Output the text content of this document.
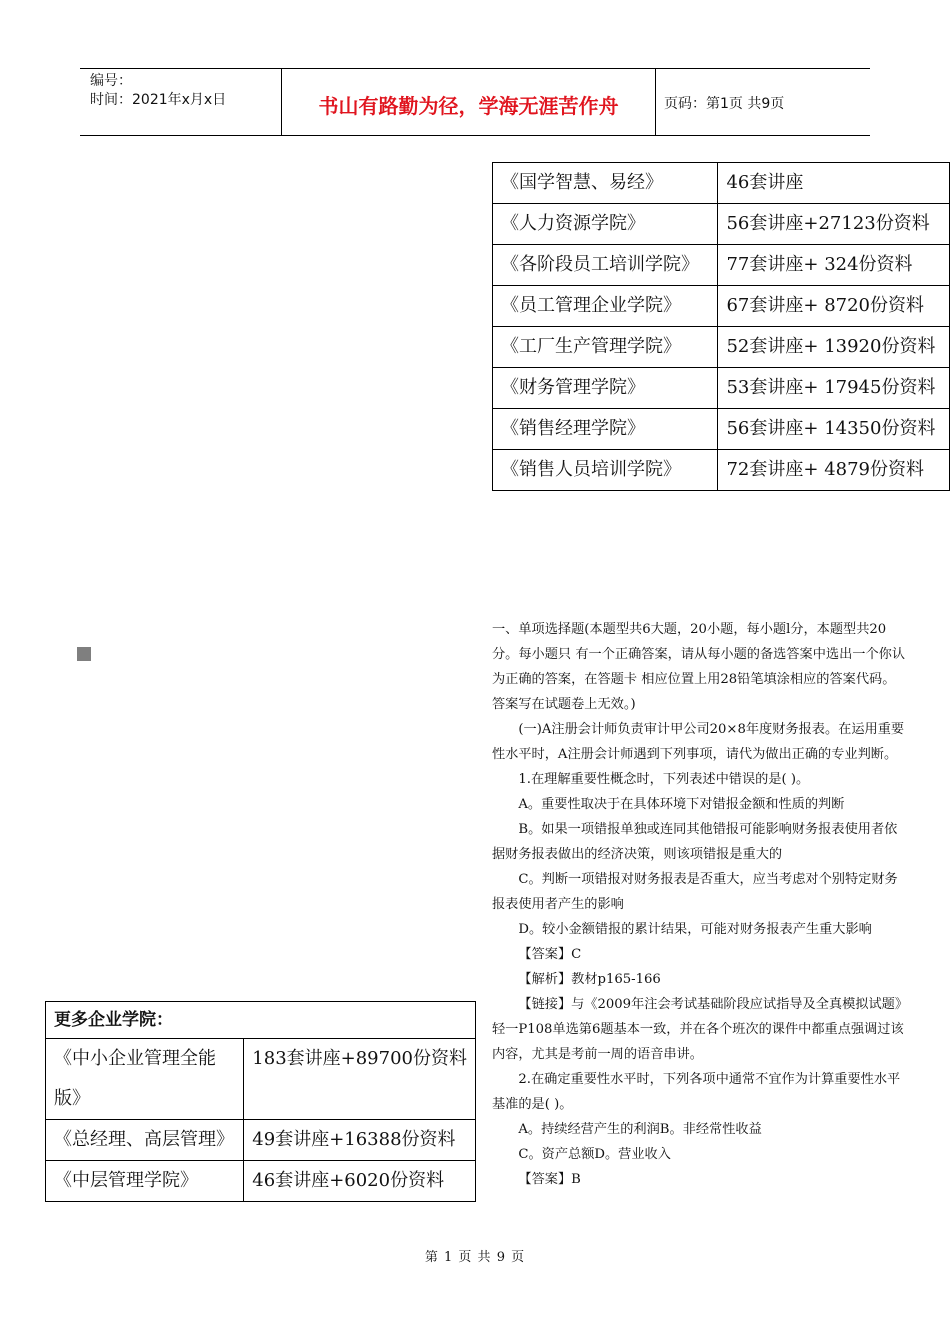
编号：
时间：2021年x月x日	书山有路勤为径，学海无涯苦作舟	页码：第1页 共9页
《国学智慧、易经》	46套讲座
《人力资源学院》	56套讲座+27123份资料
《各阶段员工培训学院》	77套讲座+ 324份资料
《员工管理企业学院》	67套讲座+ 8720份资料
《工厂生产管理学院》	52套讲座+ 13920份资料
《财务管理学院》	53套讲座+ 17945份资料
《销售经理学院》	56套讲座+ 14350份资料
《销售人员培训学院》	72套讲座+ 4879份资料
更多企业学院：	
《中小企业管理全能版》	183套讲座+89700份资料
《总经理、高层管理》	49套讲座+16388份资料
《中层管理学院》	46套讲座+6020份资料

一、单项选择题(本题型共6大题，20小题，每小题l分，本题型共20分。每小题只 有一个正确答案，请从每小题的备选答案中选出一个你认为正确的答案，在答题卡 相应位置上用28铅笔填涂相应的答案代码。答案写在试题卷上无效。)

(一)A注册会计师负责审计甲公司20×8年度财务报表。在运用重要性水平时，A注册会计师遇到下列事项，请代为做出正确的专业判断。

1.在理解重要性概念时，下列表述中错误的是( )。

A。重要性取决于在具体环境下对错报金额和性质的判断

B。如果一项错报单独或连同其他错报可能影响财务报表使用者依据财务报表做出的经济决策，则该项错报是重大的

C。判断一项错报对财务报表是否重大，应当考虑对个别特定财务报表使用者产生的影响

D。较小金额错报的累计结果，可能对财务报表产生重大影响

【答案】C

【解析】教材p165-166

【链接】与《2009年注会考试基础阶段应试指导及全真模拟试题》轻一P108单选第6题基本一致，并在各个班次的课件中都重点强调过该内容，尤其是考前一周的语音串讲。

2.在确定重要性水平时，下列各项中通常不宜作为计算重要性水平基准的是( )。

A。持续经营产生的利润B。非经常性收益

C。资产总额D。营业收入

【答案】B

第 1 页 共 9 页
